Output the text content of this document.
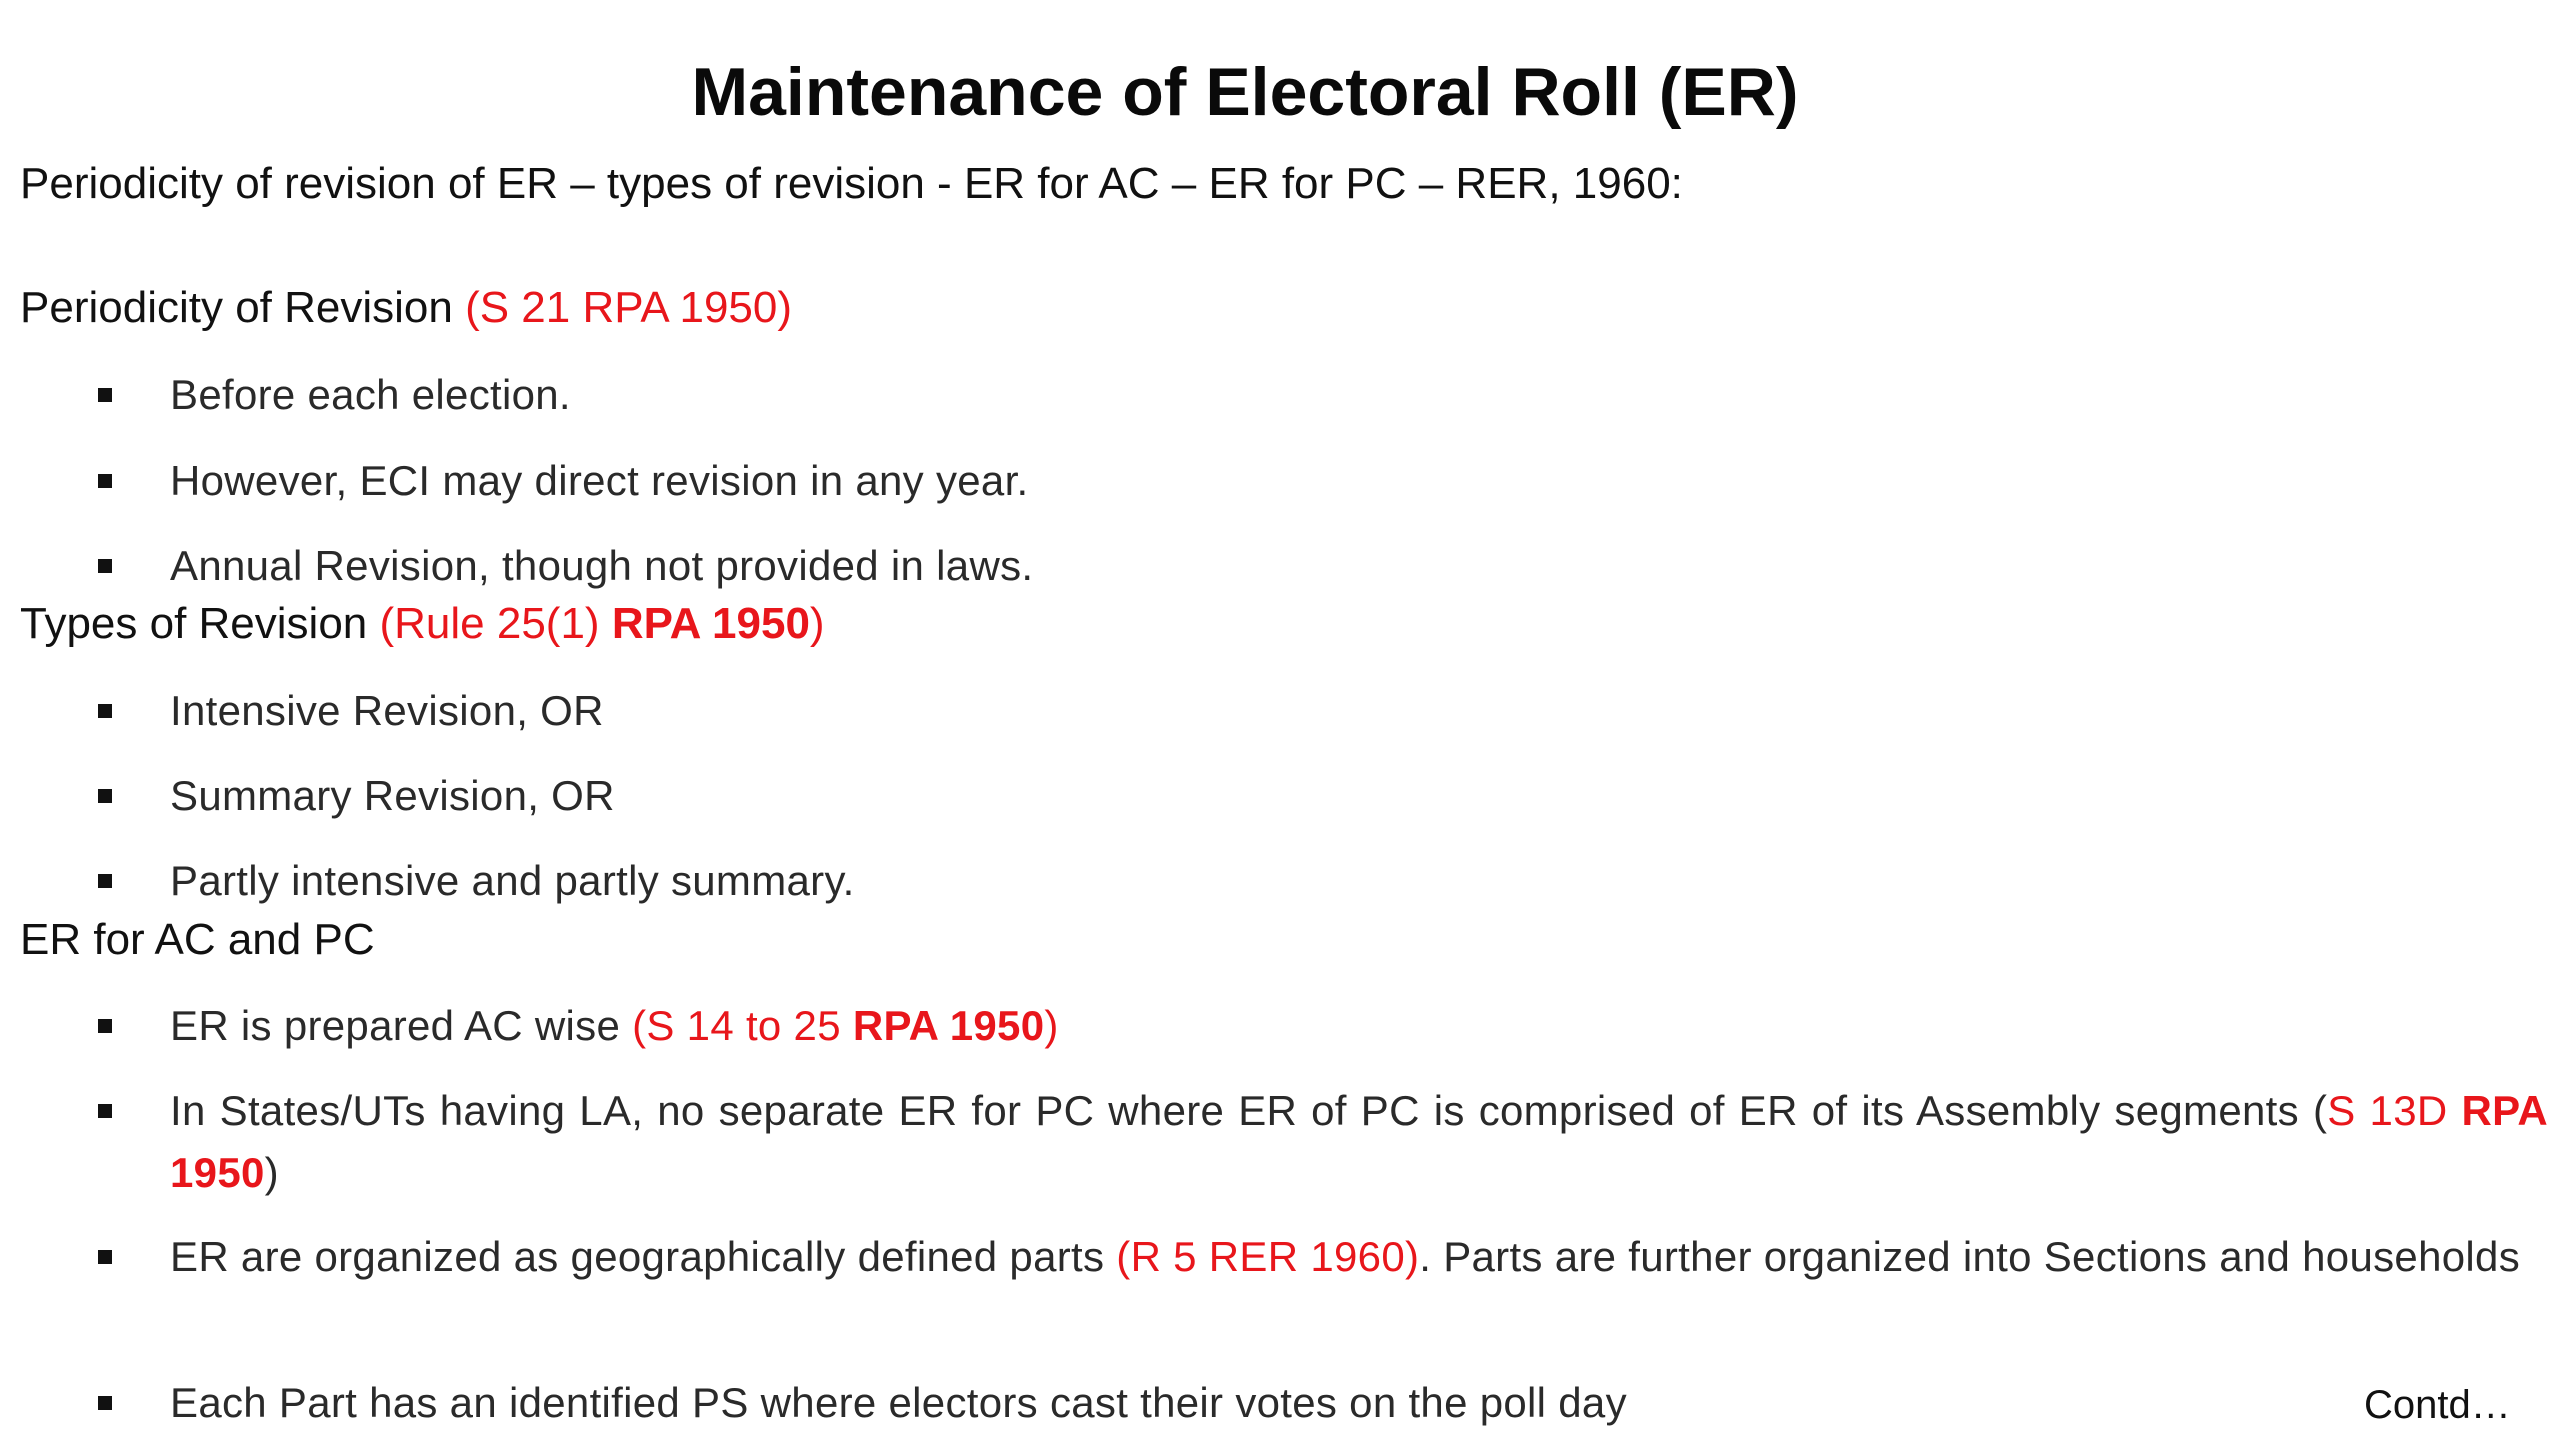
Maintenance of Electoral Roll (ER)
Periodicity of revision of ER – types of revision - ER for AC – ER for PC – RER, 1960:
Periodicity of Revision (S 21 RPA 1950)
Before each election.
However, ECI may direct revision in any year.
Annual Revision, though not provided in laws.
Types of Revision (Rule 25(1) RPA 1950)
Intensive Revision, OR
Summary Revision, OR
Partly intensive and partly summary.
ER for AC and PC
ER is prepared AC wise (S 14 to 25 RPA 1950)
In States/UTs having LA, no separate ER for PC where ER of PC is comprised of ER of its Assembly segments (S 13D RPA 1950)
ER are organized as geographically defined parts (R 5 RER 1960). Parts are further organized into Sections and households
Each Part has an identified PS where electors cast their votes on the poll day	Contd…
